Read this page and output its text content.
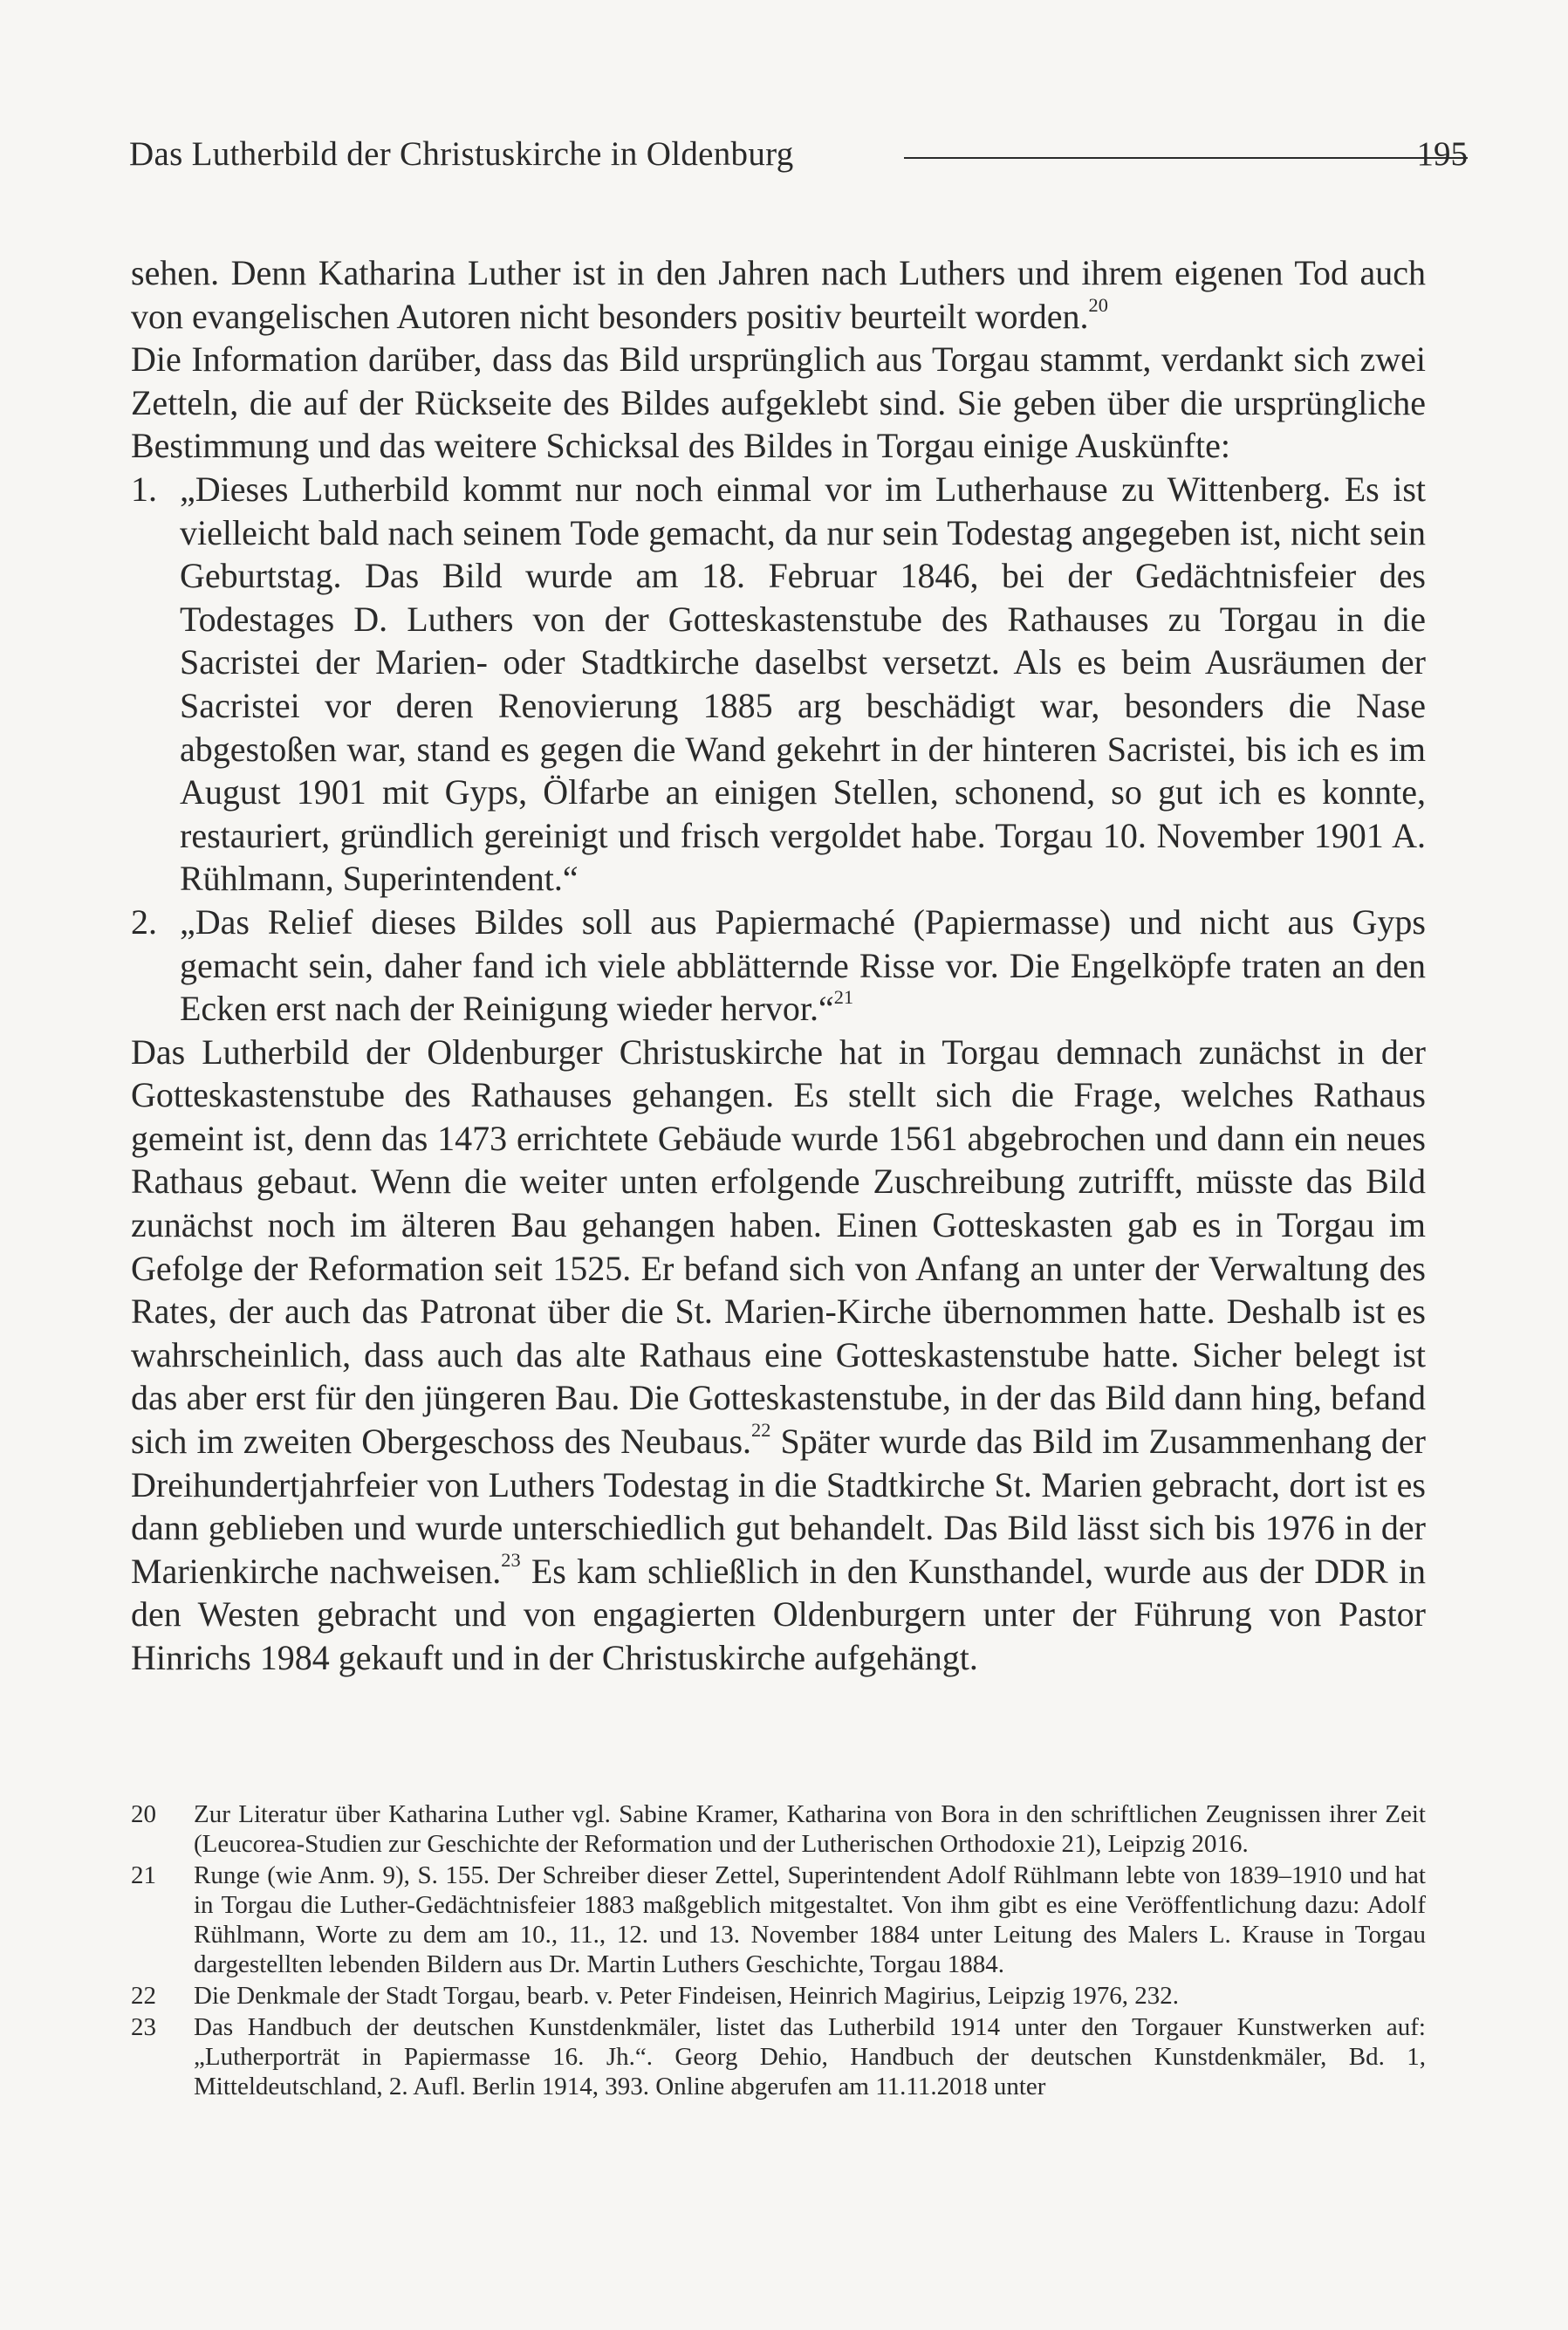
Das Lutherbild der Christuskirche in Oldenburg	195

sehen. Denn Katharina Luther ist in den Jahren nach Luthers und ihrem eigenen Tod auch von evangelischen Autoren nicht besonders positiv beurteilt worden.$^{20}$

Die Information darüber, dass das Bild ursprünglich aus Torgau stammt, verdankt sich zwei Zetteln, die auf der Rückseite des Bildes aufgeklebt sind. Sie geben über die ursprüngliche Bestimmung und das weitere Schicksal des Bildes in Torgau einige Auskünfte:

1. „Dieses Lutherbild kommt nur noch einmal vor im Lutherhause zu Wittenberg. Es ist vielleicht bald nach seinem Tode gemacht, da nur sein Todestag angegeben ist, nicht sein Geburtstag. Das Bild wurde am 18. Februar 1846, bei der Gedächtnisfeier des Todestages D. Luthers von der Gotteskastenstube des Rathauses zu Torgau in die Sacristei der Marien- oder Stadtkirche daselbst versetzt. Als es beim Ausräumen der Sacristei vor deren Renovierung 1885 arg beschädigt war, besonders die Nase abgestoßen war, stand es gegen die Wand gekehrt in der hinteren Sacristei, bis ich es im August 1901 mit Gyps, Ölfarbe an einigen Stellen, schonend, so gut ich es konnte, restauriert, gründlich gereinigt und frisch vergoldet habe. Torgau 10. November 1901 A. Rühlmann, Superintendent.“
2. „Das Relief dieses Bildes soll aus Papiermaché (Papiermasse) und nicht aus Gyps gemacht sein, daher fand ich viele abblätternde Risse vor. Die Engelköpfe traten an den Ecken erst nach der Reinigung wieder hervor.“$^{21}$

Das Lutherbild der Oldenburger Christuskirche hat in Torgau demnach zunächst in der Gotteskastenstube des Rathauses gehangen. Es stellt sich die Frage, welches Rathaus gemeint ist, denn das 1473 errichtete Gebäude wurde 1561 abgebrochen und dann ein neues Rathaus gebaut. Wenn die weiter unten erfolgende Zuschreibung zutrifft, müsste das Bild zunächst noch im älteren Bau gehangen haben. Einen Gotteskasten gab es in Torgau im Gefolge der Reformation seit 1525. Er befand sich von Anfang an unter der Verwaltung des Rates, der auch das Patronat über die St. Marien-Kirche übernommen hatte. Deshalb ist es wahrscheinlich, dass auch das alte Rathaus eine Gotteskastenstube hatte. Sicher belegt ist das aber erst für den jüngeren Bau. Die Gotteskastenstube, in der das Bild dann hing, befand sich im zweiten Obergeschoss des Neubaus.$^{22}$ Später wurde das Bild im Zusammenhang der Dreihundertjahrfeier von Luthers Todestag in die Stadtkirche St. Marien gebracht, dort ist es dann geblieben und wurde unterschiedlich gut behandelt. Das Bild lässt sich bis 1976 in der Marienkirche nachweisen.$^{23}$ Es kam schließlich in den Kunsthandel, wurde aus der DDR in den Westen gebracht und von engagierten Oldenburgern unter der Führung von Pastor Hinrichs 1984 gekauft und in der Christuskirche aufgehängt.

20	Zur Literatur über Katharina Luther vgl. Sabine Kramer, Katharina von Bora in den schriftlichen Zeugnissen ihrer Zeit (Leucorea-Studien zur Geschichte der Reformation und der Lutherischen Orthodoxie 21), Leipzig 2016.
21	Runge (wie Anm. 9), S. 155. Der Schreiber dieser Zettel, Superintendent Adolf Rühlmann lebte von 1839–1910 und hat in Torgau die Luther-Gedächtnisfeier 1883 maßgeblich mitgestaltet. Von ihm gibt es eine Veröffentlichung dazu: Adolf Rühlmann, Worte zu dem am 10., 11., 12. und 13. November 1884 unter Leitung des Malers L. Krause in Torgau dargestellten lebenden Bildern aus Dr. Martin Luthers Geschichte, Torgau 1884.
22	Die Denkmale der Stadt Torgau, bearb. v. Peter Findeisen, Heinrich Magirius, Leipzig 1976, 232.
23	Das Handbuch der deutschen Kunstdenkmäler, listet das Lutherbild 1914 unter den Torgauer Kunstwerken auf: „Lutherporträt in Papiermasse 16. Jh.“. Georg Dehio, Handbuch der deutschen Kunstdenkmäler, Bd. 1, Mitteldeutschland, 2. Aufl. Berlin 1914, 393. Online abgerufen am 11.11.2018 unter
